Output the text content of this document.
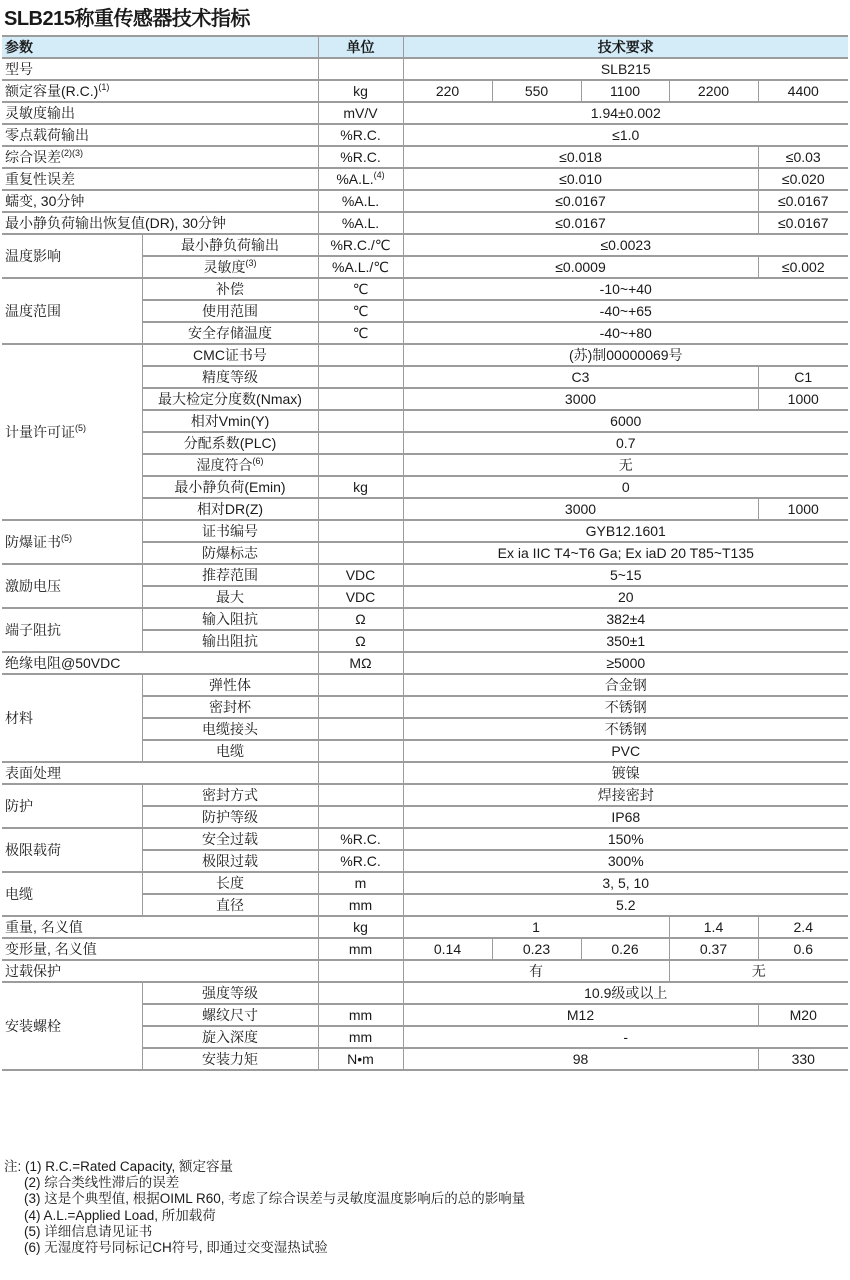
SLB215称重传感器技术指标
参数		单位	技术要求				
型号			SLB215				
额定容量$(R.C.)^{(1)}$		kg	220	550	1100	2200	4400
灵敏度输出		mV/V	1.94±0.002				
零点载荷输出		%R.C.	≤1.0				
综合误差$^{(2)(3)}$		%R.C.	≤0.018				≤0.03
重复性误差		%A.L.$^{(4)}$	≤0.010				≤0.020
蠕变, 30分钟		%A.L.	≤0.0167				≤0.0167
最小静负荷输出恢复值(DR), 30分钟		%A.L.	≤0.0167				≤0.0167
温度影响	最小静负荷输出	%R.C./℃	≤0.0023				
	灵敏度$^{(3)}$	%A.L./℃	≤0.0009				≤0.002
温度范围	补偿	℃	-10~+40				
	使用范围	℃	-40~+65				
	安全存储温度	℃	-40~+80				
计量许可证$^{(5)}$	CMC证书号		(苏)制00000069号				
	精度等级		C3				C1
	最大检定分度数(Nmax)		3000				1000
	相对Vmin(Y)		6000				
	分配系数(PLC)		0.7				
	湿度符合$^{(6)}$		无				
	最小静负荷(Emin)	kg	0				
	相对DR(Z)		3000				1000
防爆证书$^{(5)}$	证书编号		GYB12.1601				
	防爆标志		Ex ia IIC T4~T6 Ga; Ex iaD 20 T85~T135				
激励电压	推荐范围	VDC	5~15				
	最大	VDC	20				
端子阻抗	输入阻抗	Ω	382±4				
	输出阻抗	Ω	350±1				
绝缘电阻@50VDC		MΩ	≥5000				
材料	弹性体		合金钢				
	密封杯		不锈钢				
	电缆接头		不锈钢				
	电缆		PVC				
表面处理			镀镍				
防护	密封方式		焊接密封				
	防护等级		IP68				
极限载荷	安全过载	%R.C.	150%				
	极限过载	%R.C.	300%				
电缆	长度	m	3, 5, 10				
	直径	mm	5.2				
重量, 名义值		kg	1			1.4	2.4
变形量, 名义值		mm	0.14	0.23	0.26	0.37	0.6
过载保护			有			无	
安装螺栓	强度等级		10.9级或以上				
	螺纹尺寸	mm	M12				M20
	旋入深度	mm	-				
	安装力矩	N•m	98				330
注: (1) R.C.=Rated Capacity, 额定容量
(2) 综合类线性滞后的误差
(3) 这是个典型值, 根据OIML R60, 考虑了综合误差与灵敏度温度影响后的总的影响量
(4) A.L.=Applied Load, 所加载荷
(5) 详细信息请见证书
(6) 无湿度符号同标记CH符号, 即通过交变湿热试验
